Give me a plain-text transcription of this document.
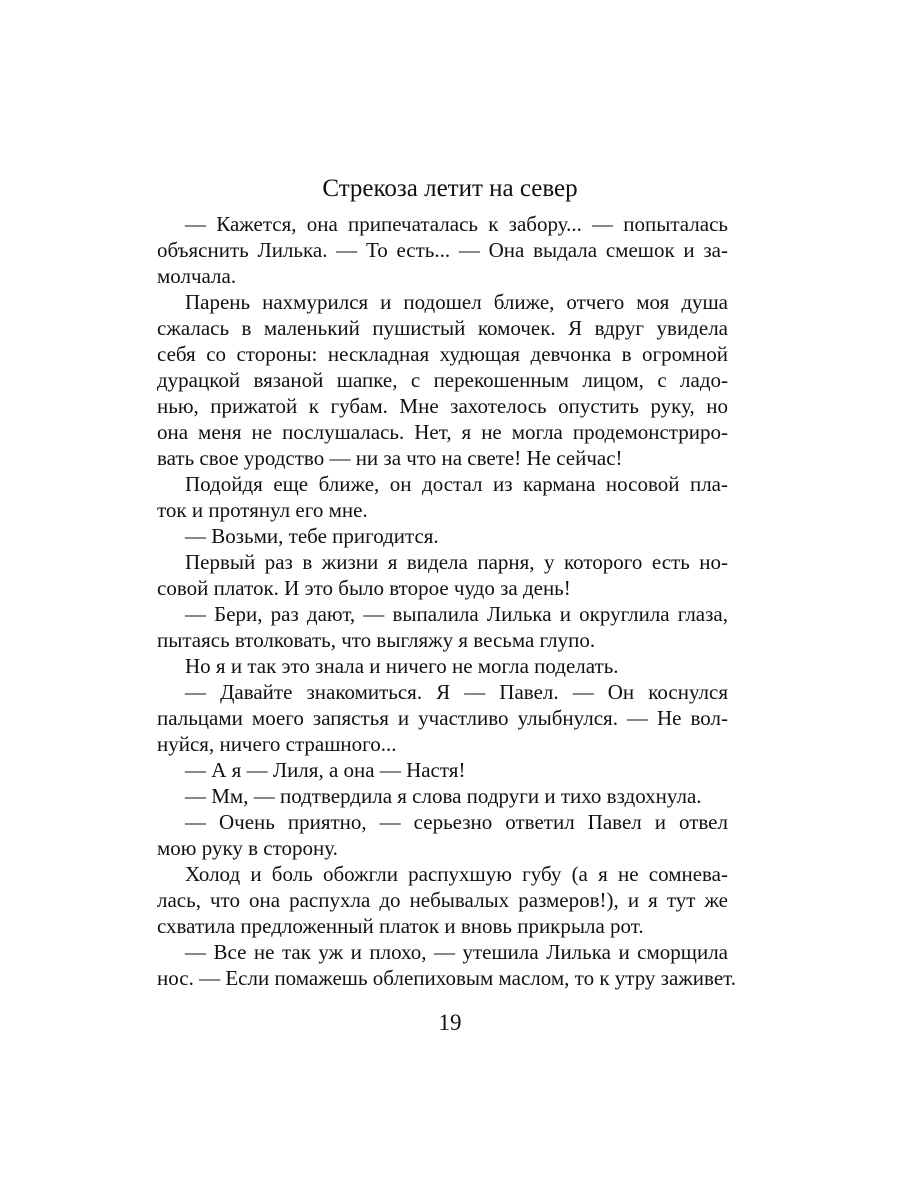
Стрекоза летит на север
— Кажется, она припечаталась к забору... — попыталась
объяснить Лилька. — То есть... — Она выдала смешок и за-
молчала.
Парень нахмурился и подошел ближе, отчего моя душа
сжалась в маленький пушистый комочек. Я вдруг увидела
себя со стороны: нескладная худющая девчонка в огромной
дурацкой вязаной шапке, с перекошенным лицом, с ладо-
нью, прижатой к губам. Мне захотелось опустить руку, но
она меня не послушалась. Нет, я не могла продемонстриро-
вать свое уродство — ни за что на свете! Не сейчас!
Подойдя еще ближе, он достал из кармана носовой пла-
ток и протянул его мне.
— Возьми, тебе пригодится.
Первый раз в жизни я видела парня, у которого есть но-
совой платок. И это было второе чудо за день!
— Бери, раз дают, — выпалила Лилька и округлила глаза,
пытаясь втолковать, что выгляжу я весьма глупо.
Но я и так это знала и ничего не могла поделать.
— Давайте знакомиться. Я — Павел. — Он коснулся
пальцами моего запястья и участливо улыбнулся. — Не вол-
нуйся, ничего страшного...
— А я — Лиля, а она — Настя!
— Мм, — подтвердила я слова подруги и тихо вздохнула.
— Очень приятно, — серьезно ответил Павел и отвел
мою руку в сторону.
Холод и боль обожгли распухшую губу (а я не сомнева-
лась, что она распухла до небывалых размеров!), и я тут же
схватила предложенный платок и вновь прикрыла рот.
— Все не так уж и плохо, — утешила Лилька и сморщила
нос. — Если помажешь облепиховым маслом, то к утру заживет.
19
